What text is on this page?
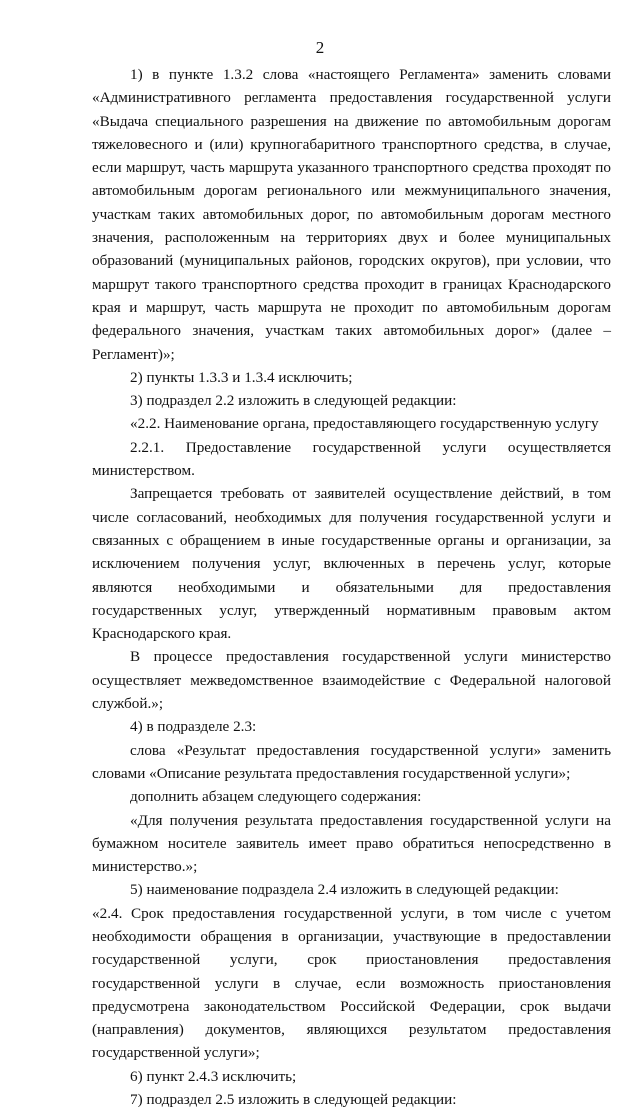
2

1) в пункте 1.3.2 слова «настоящего Регламента» заменить словами «Административного регламента предоставления государственной услуги «Выдача специального разрешения на движение по автомобильным дорогам тяжеловесного и (или) крупногабаритного транспортного средства, в случае, если маршрут, часть маршрута указанного транспортного средства проходят по автомобильным дорогам регионального или межмуниципального значения, участкам таких автомобильных дорог, по автомобильным дорогам местного значения, расположенным на территориях двух и более муниципальных образований (муниципальных районов, городских округов), при условии, что маршрут такого транспортного средства проходит в границах Краснодарского края и маршрут, часть маршрута не проходит по автомобильным дорогам федерального значения, участкам таких автомобильных дорог» (далее – Регламент)»;

2) пункты 1.3.3 и 1.3.4 исключить;

3) подраздел 2.2 изложить в следующей редакции:

«2.2. Наименование органа, предоставляющего государственную услугу

2.2.1. Предоставление государственной услуги осуществляется министерством.

Запрещается требовать от заявителей осуществление действий, в том числе согласований, необходимых для получения государственной услуги и связанных с обращением в иные государственные органы и организации, за исключением получения услуг, включенных в перечень услуг, которые являются необходимыми и обязательными для предоставления государственных услуг, утвержденный нормативным правовым актом Краснодарского края.

В процессе предоставления государственной услуги министерство осуществляет межведомственное взаимодействие с Федеральной налоговой службой.»;

4) в подразделе 2.3:

слова «Результат предоставления государственной услуги» заменить словами «Описание результата предоставления государственной услуги»;

дополнить абзацем следующего содержания:

«Для получения результата предоставления государственной услуги на бумажном носителе заявитель имеет право обратиться непосредственно в министерство.»;

5) наименование подраздела 2.4 изложить в следующей редакции:

«2.4. Срок предоставления государственной услуги, в том числе с учетом необходимости обращения в организации, участвующие в предоставлении государственной услуги, срок приостановления предоставления государственной услуги в случае, если возможность приостановления предусмотрена законодательством Российской Федерации, срок выдачи (направления) документов, являющихся результатом предоставления государственной услуги»;

6) пункт 2.4.3 исключить;

7) подраздел 2.5 изложить в следующей редакции:
